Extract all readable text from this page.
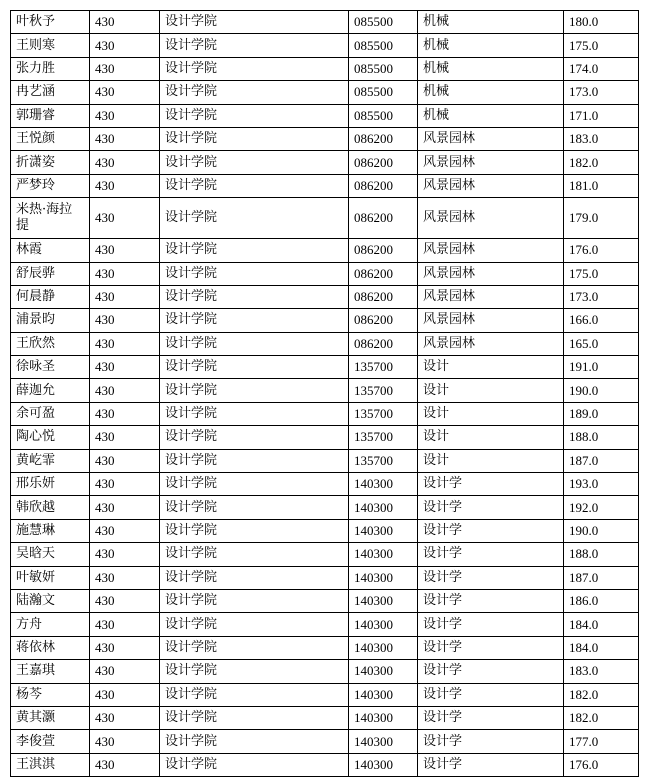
叶秋予	430	设计学院	085500	机械	180.0
王则寒	430	设计学院	085500	机械	175.0
张力胜	430	设计学院	085500	机械	174.0
冉艺涵	430	设计学院	085500	机械	173.0
郭珊睿	430	设计学院	085500	机械	171.0
王悦颜	430	设计学院	086200	风景园林	183.0
折潇姿	430	设计学院	086200	风景园林	182.0
严梦玲	430	设计学院	086200	风景园林	181.0
米热·海拉提	430	设计学院	086200	风景园林	179.0
林霞	430	设计学院	086200	风景园林	176.0
舒辰骅	430	设计学院	086200	风景园林	175.0
何晨静	430	设计学院	086200	风景园林	173.0
浦景昀	430	设计学院	086200	风景园林	166.0
王欣然	430	设计学院	086200	风景园林	165.0
徐咏圣	430	设计学院	135700	设计	191.0
薛迦允	430	设计学院	135700	设计	190.0
余可盈	430	设计学院	135700	设计	189.0
陶心悦	430	设计学院	135700	设计	188.0
黄屹霏	430	设计学院	135700	设计	187.0
邢乐妍	430	设计学院	140300	设计学	193.0
韩欣越	430	设计学院	140300	设计学	192.0
施慧琳	430	设计学院	140300	设计学	190.0
吴晗天	430	设计学院	140300	设计学	188.0
叶敏妍	430	设计学院	140300	设计学	187.0
陆瀚文	430	设计学院	140300	设计学	186.0
方舟	430	设计学院	140300	设计学	184.0
蒋依林	430	设计学院	140300	设计学	184.0
王嘉琪	430	设计学院	140300	设计学	183.0
杨芩	430	设计学院	140300	设计学	182.0
黄其灏	430	设计学院	140300	设计学	182.0
李俊萱	430	设计学院	140300	设计学	177.0
王淇淇	430	设计学院	140300	设计学	176.0
